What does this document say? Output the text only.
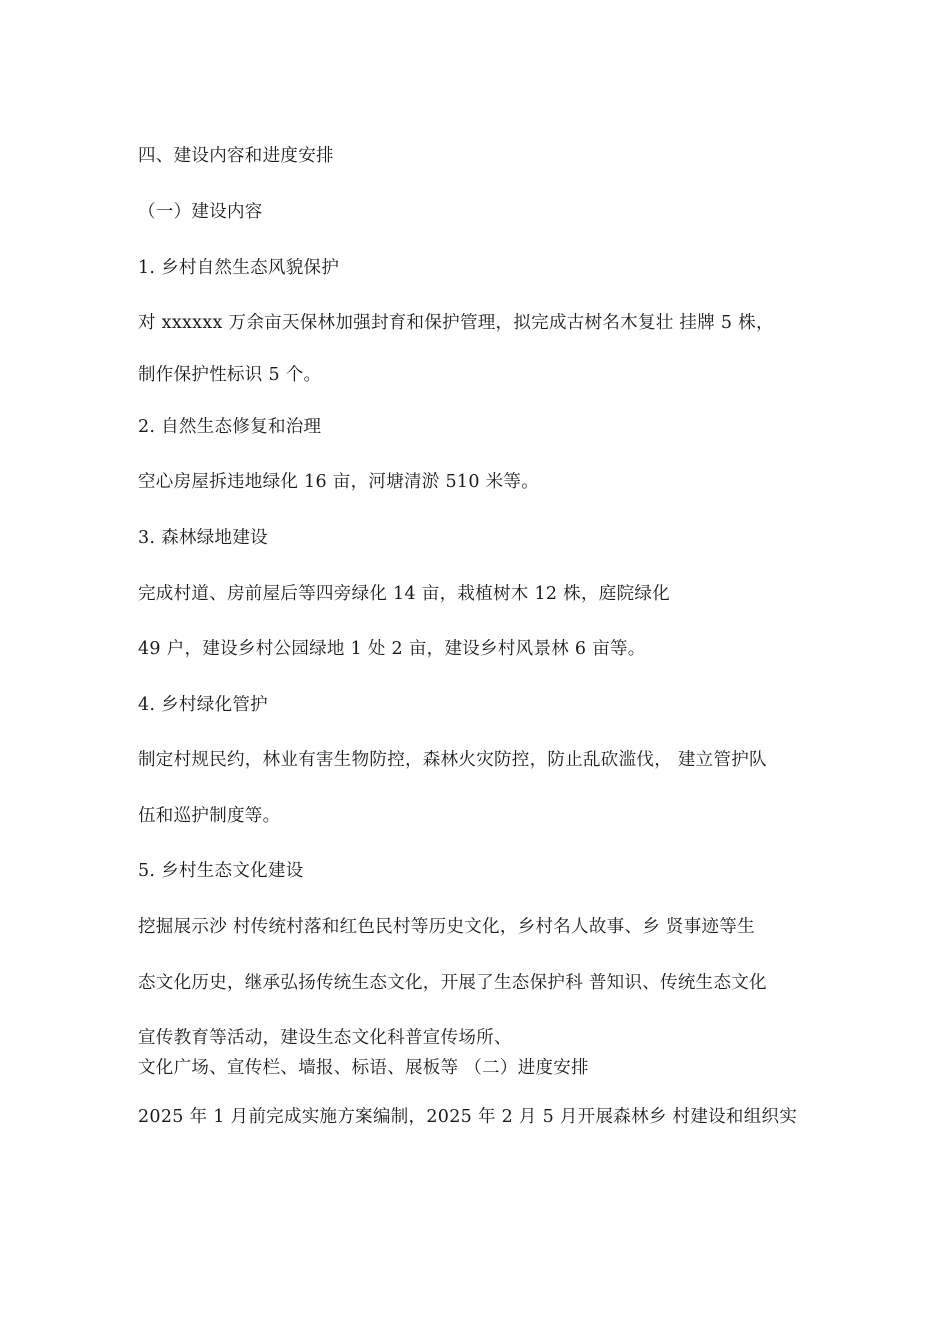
四、建设内容和进度安排
（一）建设内容
1. 乡村自然生态风貌保护
对 xxxxxx 万余亩天保林加强封育和保护管理，拟完成古树名木复壮 挂牌 5 株，
制作保护性标识 5 个。
2. 自然生态修复和治理
空心房屋拆违地绿化 16 亩，河塘清淤 510 米等。
3. 森林绿地建设
完成村道、房前屋后等四旁绿化 14 亩，栽植树木 12 株，庭院绿化
49 户，建设乡村公园绿地 1 处 2 亩，建设乡村风景林 6 亩等。
4. 乡村绿化管护
制定村规民约，林业有害生物防控，森林火灾防控，防止乱砍滥伐， 建立管护队
伍和巡护制度等。
5. 乡村生态文化建设
挖掘展示沙 村传统村落和红色民村等历史文化，乡村名人故事、乡 贤事迹等生
态文化历史，继承弘扬传统生态文化，开展了生态保护科 普知识、传统生态文化
宣传教育等活动，建设生态文化科普宣传场所、
文化广场、宣传栏、墙报、标语、展板等 （二）进度安排
2025 年 1 月前完成实施方案编制，2025 年 2 月 5 月开展森林乡 村建设和组织实
